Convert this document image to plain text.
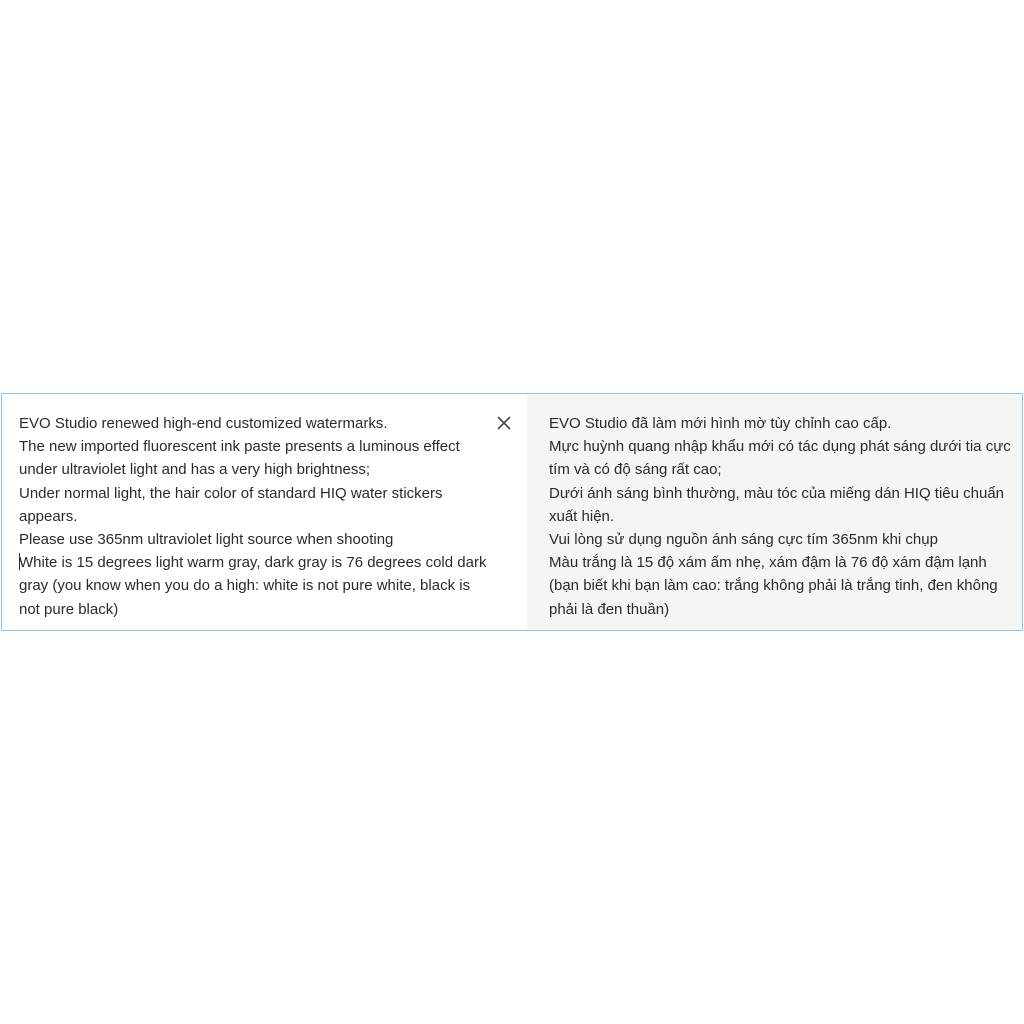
EVO Studio renewed high-end customized watermarks.
The new imported fluorescent ink paste presents a luminous effect
under ultraviolet light and has a very high brightness;
Under normal light, the hair color of standard HIQ water stickers
appears.
Please use 365nm ultraviolet light source when shooting
White is 15 degrees light warm gray, dark gray is 76 degrees cold dark
gray (you know when you do a high: white is not pure white, black is
not pure black)
EVO Studio đã làm mới hình mờ tùy chỉnh cao cấp.
Mực huỳnh quang nhập khẩu mới có tác dụng phát sáng dưới tia cực
tím và có độ sáng rất cao;
Dưới ánh sáng bình thường, màu tóc của miếng dán HIQ tiêu chuẩn
xuất hiện.
Vui lòng sử dụng nguồn ánh sáng cực tím 365nm khi chụp
Màu trắng là 15 độ xám ấm nhẹ, xám đậm là 76 độ xám đậm lạnh
(bạn biết khi bạn làm cao: trắng không phải là trắng tinh, đen không
phải là đen thuần)
